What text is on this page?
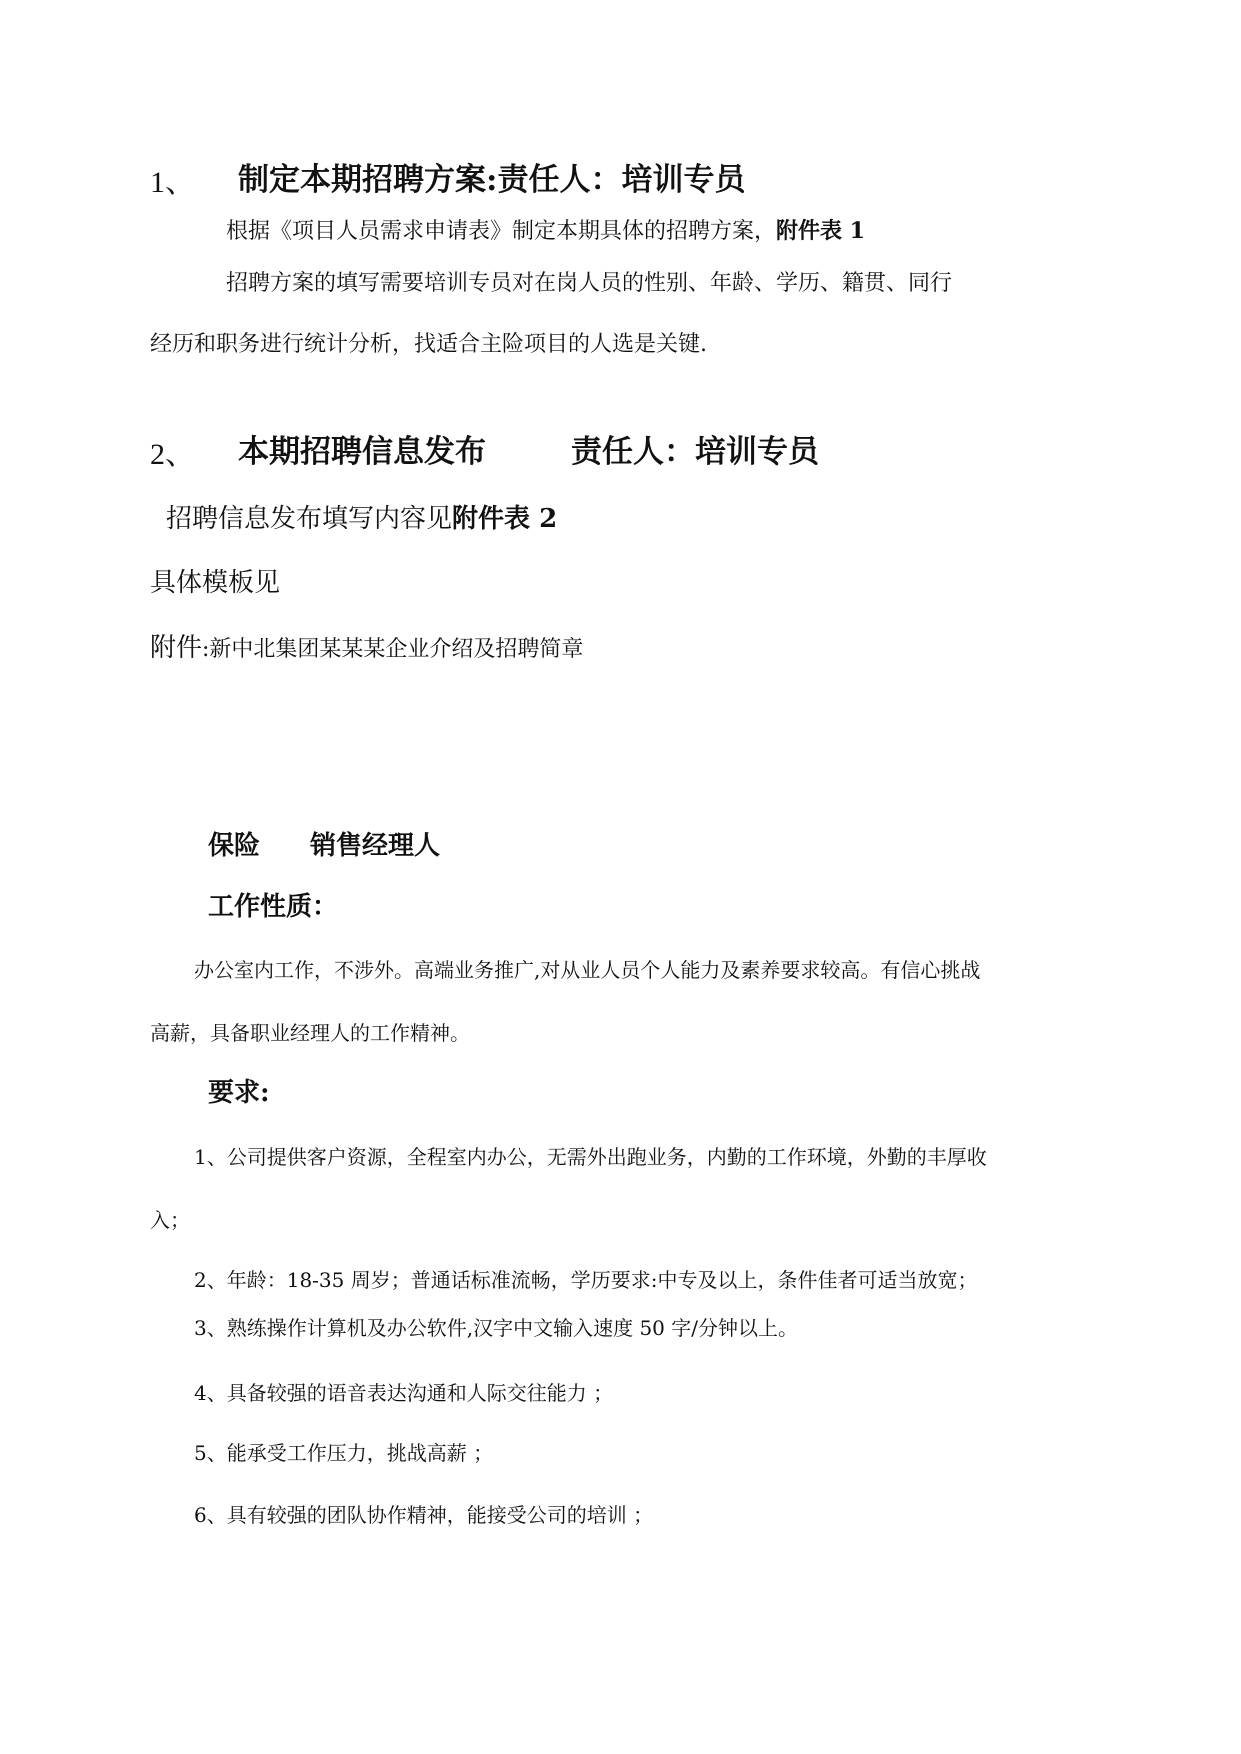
1、 制定本期招聘方案:责任人：培训专员
根据《项目人员需求申请表》制定本期具体的招聘方案，附件表 1
招聘方案的填写需要培训专员对在岗人员的性别、年龄、学历、籍贯、同行
经历和职务进行统计分析，找适合主险项目的人选是关键.
2、 本期招聘信息发布	责任人：培训专员
招聘信息发布填写内容见附件表 2
具体模板见
附件:新中北集团某某某企业介绍及招聘简章
保险 销售经理人
工作性质：
办公室内工作，不涉外。高端业务推广,对从业人员个人能力及素养要求较高。有信心挑战
高薪，具备职业经理人的工作精神。
要求:
1、公司提供客户资源，全程室内办公，无需外出跑业务，内勤的工作环境，外勤的丰厚收
入；
2、年龄：18-35 周岁；普通话标准流畅，学历要求:中专及以上，条件佳者可适当放宽；
3、熟练操作计算机及办公软件,汉字中文输入速度 50 字/分钟以上。
4、具备较强的语音表达沟通和人际交往能力 ；
5、能承受工作压力，挑战高薪 ；
6、具有较强的团队协作精神，能接受公司的培训 ；
